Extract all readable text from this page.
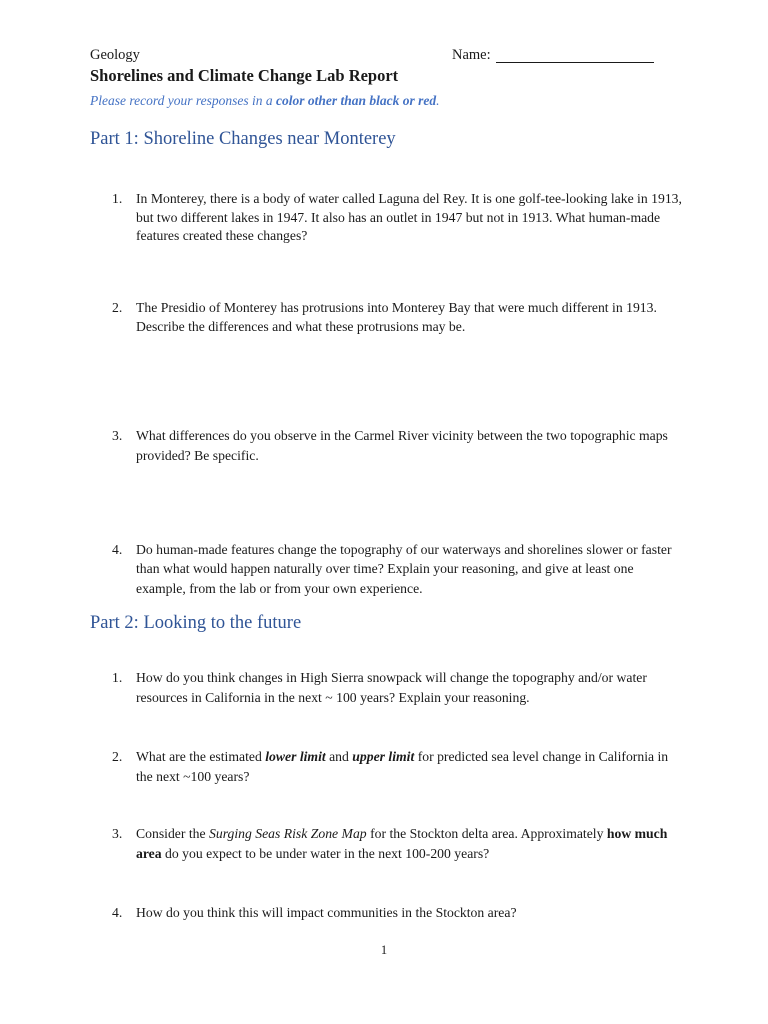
Geology	Name:
Shorelines and Climate Change Lab Report
Please record your responses in a color other than black or red.
Part 1: Shoreline Changes near Monterey
1.	In Monterey, there is a body of water called Laguna del Rey. It is one golf-tee-looking lake in 1913, but two different lakes in 1947. It also has an outlet in 1947 but not in 1913. What human-made features created these changes?
2.	The Presidio of Monterey has protrusions into Monterey Bay that were much different in 1913. Describe the differences and what these protrusions may be.
3.	What differences do you observe in the Carmel River vicinity between the two topographic maps provided? Be specific.
4.	Do human-made features change the topography of our waterways and shorelines slower or faster than what would happen naturally over time? Explain your reasoning, and give at least one example, from the lab or from your own experience.
Part 2: Looking to the future
1.	How do you think changes in High Sierra snowpack will change the topography and/or water resources in California in the next ~ 100 years? Explain your reasoning.
2.	What are the estimated lower limit and upper limit for predicted sea level change in California in the next ~100 years?
3.	Consider the Surging Seas Risk Zone Map for the Stockton delta area. Approximately how much area do you expect to be under water in the next 100-200 years?
4.	How do you think this will impact communities in the Stockton area?
1
